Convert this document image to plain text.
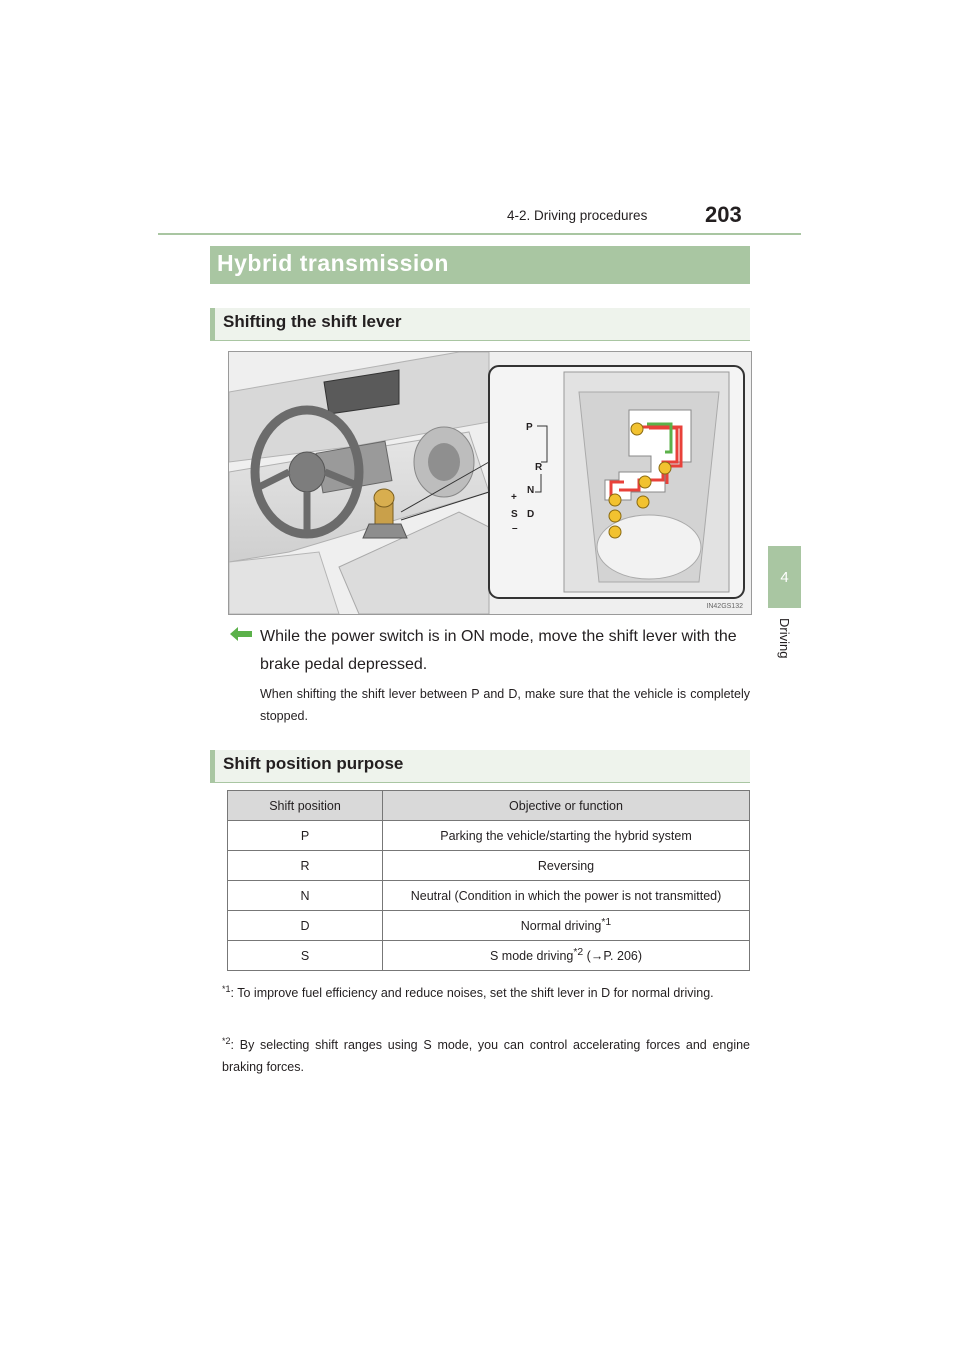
4-2. Driving procedures	203
4
Driving
Hybrid transmission
Shifting the shift lever
P
R
N
D
+
S
–
IN42GS132
While the power switch is in ON mode, move the shift lever with the brake pedal depressed.
When shifting the shift lever between P and D, make sure that the vehicle is completely stopped.
Shift position purpose
Shift position	Objective or function
P	Parking the vehicle/starting the hybrid system
R	Reversing
N	Neutral (Condition in which the power is not transmitted)
D	Normal driving$^{*1}$
S	S mode driving$^{*2}$ (→P. 206)
$^{*1}$: To improve fuel efficiency and reduce noises, set the shift lever in D for normal driving.
$^{*2}$: By selecting shift ranges using S mode, you can control accelerating forces and engine braking forces.
